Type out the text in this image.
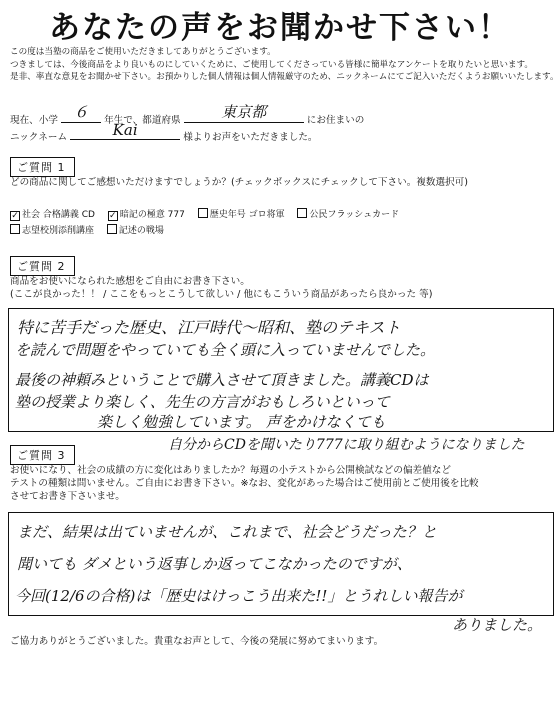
あなたの声をお聞かせ下さい！
この度は当塾の商品をご使用いただきましてありがとうございます。
つきましては、今後商品をより良いものにしていくために、ご使用してくださっている皆様に簡単なアンケートを取りたいと思います。
是非、率直な意見をお聞かせ下さい。お預かりした個人情報は個人情報厳守のため、ニックネームにてご記入いただくようお願いいたします。
現在、小学	６	年生で、都道府県	東京都	にお住まいの
ニックネーム	Kai	様よりお声をいただきました。
ご質問 1
どの商品に関してご感想いただけますでしょうか？(チェックボックスにチェックして下さい。複数選択可)
✓ 社会 合格講義 CD ✓ 暗記の極意 777	歴史年号 ゴロ将軍	公民フラッシュカード
志望校別添削講座	記述の戦場
ご質問 2
商品をお使いになられた感想をご自由にお書き下さい。
(ここが良かった！！ / ここをもっとこうして欲しい / 他にもこういう商品があったら良かった 等)
特に苦手だった歴史、江戸時代〜昭和、塾のテキスト
を読んで問題をやっていても全く頭に入っていませんでした。
最後の神頼みということで購入させて頂きました。講義CDは
塾の授業より楽しく、先生の方言がおもしろいといって
楽しく勉強しています。 声をかけなくても
自分からCDを聞いたり777に取り組むようになりました
ご質問 3
お使いになり、社会の成績の方に変化はありましたか？毎週の小テストから公開検試などの偏差値など
テストの種類は問いません。ご自由にお書き下さい。※なお、変化があった場合はご使用前とご使用後を比較
させてお書き下さいませ。
まだ、結果は出ていませんが、これまで、社会どうだった？と
聞いても ダメという返事しか返ってこなかったのですが、
今回(12/6の合格)は「歴史はけっこう出来た!!」とうれしい報告が
ありました。
ご協力ありがとうございました。貴重なお声として、今後の発展に努めてまいります。
